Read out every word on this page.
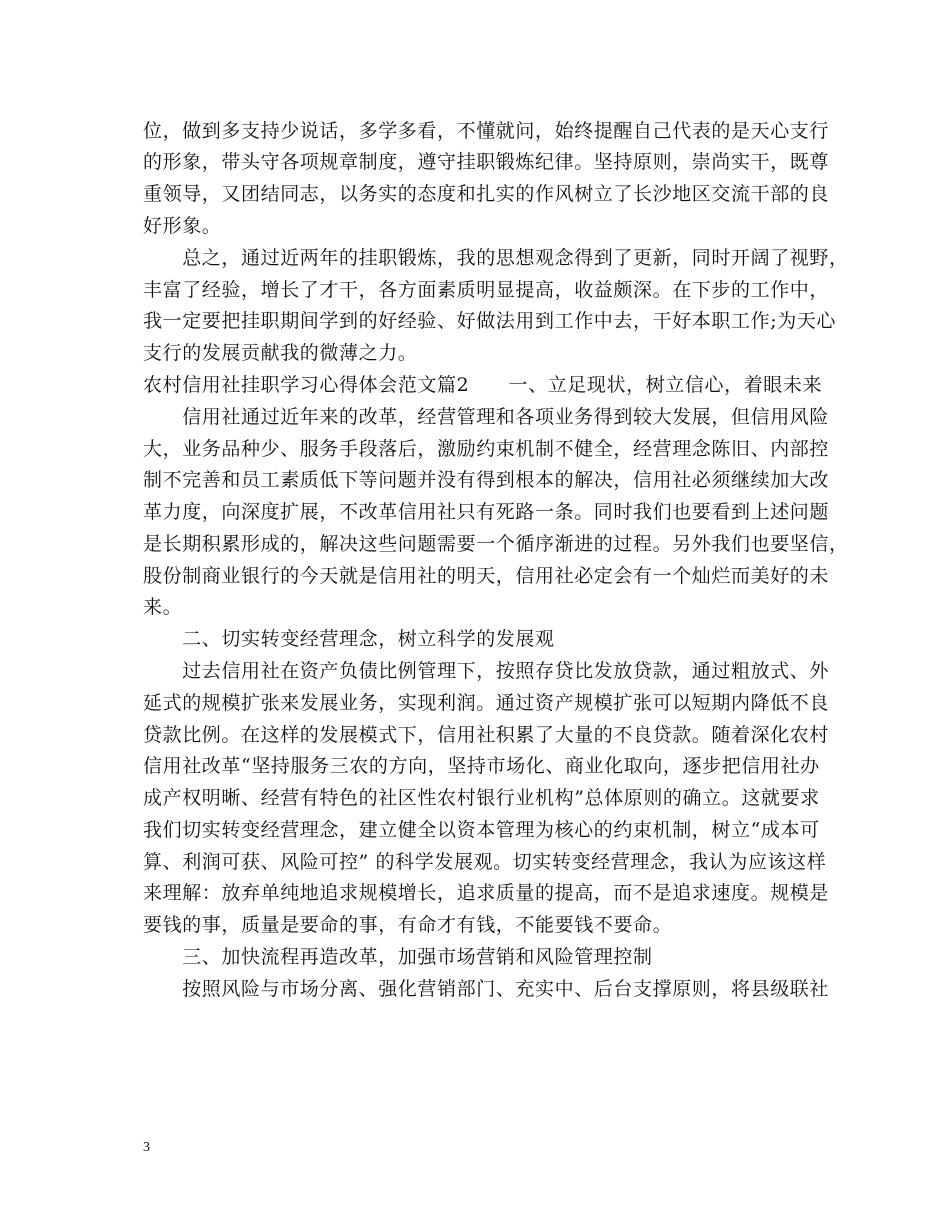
位，做到多支持少说话，多学多看，不懂就问，始终提醒自己代表的是天心支行
的形象，带头守各项规章制度，遵守挂职锻炼纪律。坚持原则，崇尚实干，既尊
重领导，又团结同志，以务实的态度和扎实的作风树立了长沙地区交流干部的良
好形象。
　　总之，通过近两年的挂职锻炼，我的思想观念得到了更新，同时开阔了视野，
丰富了经验，增长了才干，各方面素质明显提高，收益颇深。在下步的工作中，
我一定要把挂职期间学到的好经验、好做法用到工作中去，干好本职工作;为天心
支行的发展贡献我的微薄之力。
农村信用社挂职学习心得体会范文篇2　　一、立足现状，树立信心，着眼未来
　　信用社通过近年来的改革，经营管理和各项业务得到较大发展，但信用风险
大，业务品种少、服务手段落后，激励约束机制不健全，经营理念陈旧、内部控
制不完善和员工素质低下等问题并没有得到根本的解决，信用社必须继续加大改
革力度，向深度扩展，不改革信用社只有死路一条。同时我们也要看到上述问题
是长期积累形成的，解决这些问题需要一个循序渐进的过程。另外我们也要坚信，
股份制商业银行的今天就是信用社的明天，信用社必定会有一个灿烂而美好的未
来。
　　二、切实转变经营理念，树立科学的发展观
　　过去信用社在资产负债比例管理下，按照存贷比发放贷款，通过粗放式、外
延式的规模扩张来发展业务，实现利润。通过资产规模扩张可以短期内降低不良
贷款比例。在这样的发展模式下，信用社积累了大量的不良贷款。随着深化农村
信用社改革“坚持服务三农的方向，坚持市场化、商业化取向，逐步把信用社办
成产权明晰、经营有特色的社区性农村银行业机构”总体原则的确立。这就要求
我们切实转变经营理念，建立健全以资本管理为核心的约束机制，树立“成本可
算、利润可获、风险可控” 的科学发展观。切实转变经营理念，我认为应该这样
来理解：放弃单纯地追求规模增长，追求质量的提高，而不是追求速度。规模是
要钱的事，质量是要命的事，有命才有钱，不能要钱不要命。
　　三、加快流程再造改革，加强市场营销和风险管理控制
　　按照风险与市场分离、强化营销部门、充实中、后台支撑原则，将县级联社
3
